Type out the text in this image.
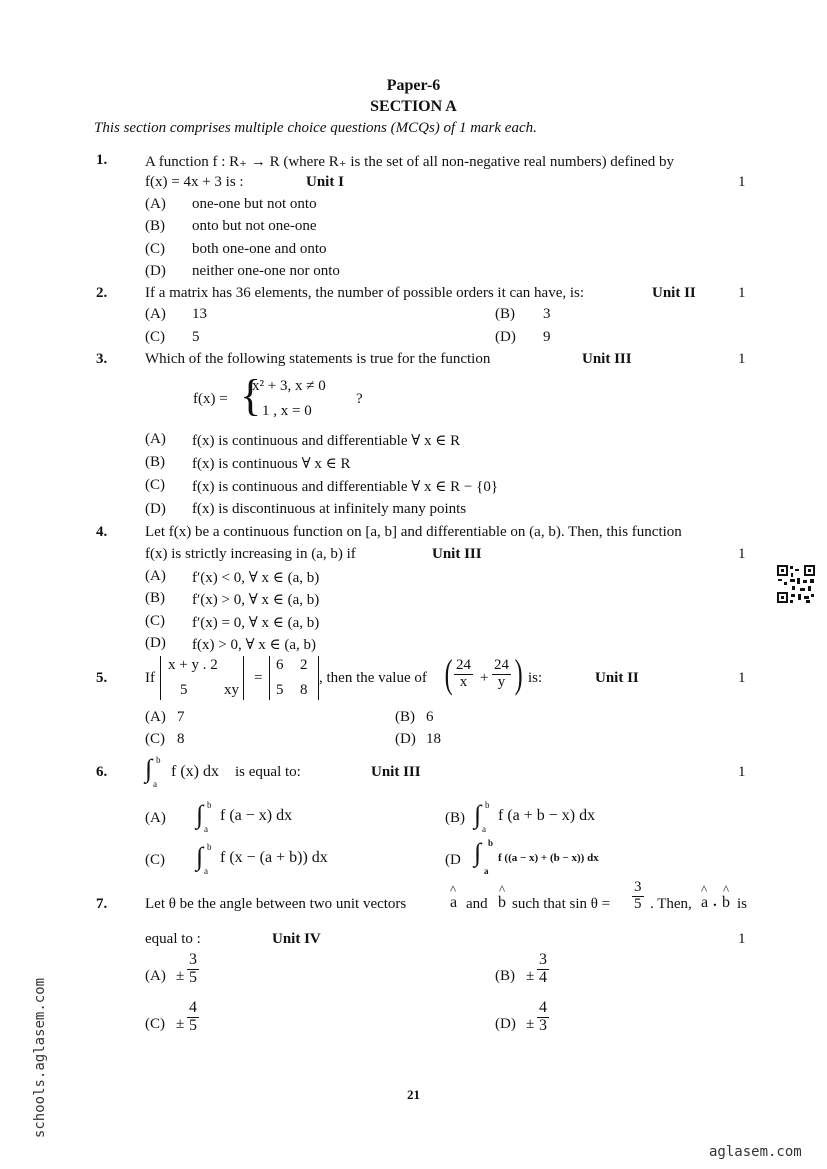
Paper-6
SECTION A
This section comprises multiple choice questions (MCQs) of 1 mark each.
1.	A function f : R₊ → R (where R₊ is the set of all non-negative real numbers) defined by
f(x) = 4x + 3 is :	Unit I	1
(A) one-one but not onto
(B) onto but not one-one
(C) both one-one and onto
(D) neither one-one nor onto
2.	If a matrix has 36 elements, the number of possible orders it can have, is:	Unit II	1
(A) 13	(B) 3
(C) 5	(D) 9
3.	Which of the following statements is true for the function	Unit III	1
f(x) = {
x² + 3, x ≠ 0
1 , x = 0
?
(A) f(x) is continuous and differentiable ∀ x ∈ R
(B) f(x) is continuous ∀ x ∈ R
(C) f(x) is continuous and differentiable ∀ x ∈ R − {0}
(D) f(x) is discontinuous at infinitely many points
4.	Let f(x) be a continuous function on [a, b] and differentiable on (a, b). Then, this function
f(x) is strictly increasing in (a, b) if	Unit III	1
(A) f′(x) < 0, ∀ x ∈ (a, b)
(B) f′(x) > 0, ∀ x ∈ (a, b)
(C) f′(x) = 0, ∀ x ∈ (a, b)
(D) f(x) > 0, ∀ x ∈ (a, b)
5.	If
x + y . 2
5 xy
=
6 2
5 8
, then the value of ( $\frac{24}{x} + \frac{24}{y}$ ) is:	Unit II	1
(A) 7	(B) 6
(C) 8	(D) 18
6. ∫ b
a
f (x) dx is equal to:	Unit III	1
(A) ∫ b
a
f (a − x) dx	(B) ∫ b
a
f (a + b − x) dx
(C) ∫ b
a
f (x − (a + b)) dx	(D ∫ b
a
f ((a − x) + (b − x)) dx
7.	Let θ be the angle between two unit vectors
^
a and
^
b such that $\sin \theta = \frac{3}{5}$ . Then,
^
a .
^
b is
equal to :	Unit IV	1
$(A) \pm \frac{3}{5}$	$(B) \pm \frac{3}{4}$
$(C) \pm \frac{4}{5}$	$(D) \pm \frac{4}{3}$
21
schools.aglasem.com
aglasem.com
